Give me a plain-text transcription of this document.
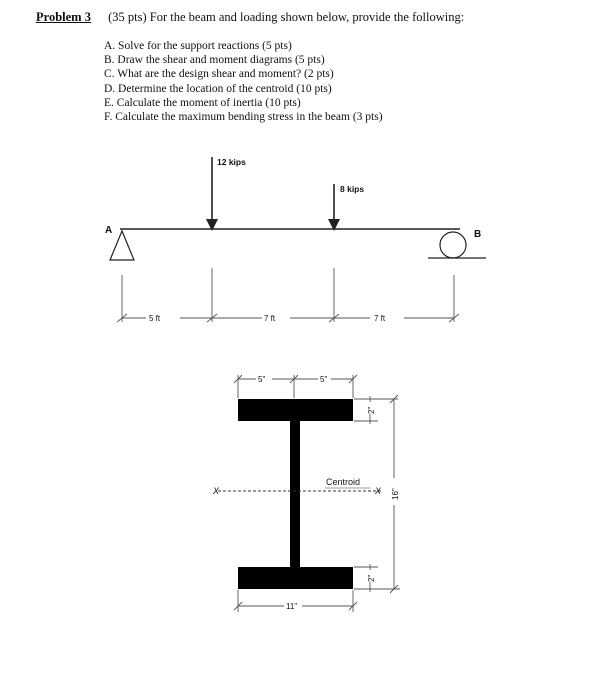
Problem 3 (35 pts) For the beam and loading shown below, provide the following:
A. Solve for the support reactions (5 pts)
B. Draw the shear and moment diagrams (5 pts)
C. What are the design shear and moment? (2 pts)
D. Determine the location of the centroid (10 pts)
E. Calculate the moment of inertia (10 pts)
F. Calculate the maximum bending stress in the beam (3 pts)
A	B
12 kips
8 kips
5 ft	7 ft	7 ft
5"	5"
2"
2"
16"
11"
Centroid
X	X
